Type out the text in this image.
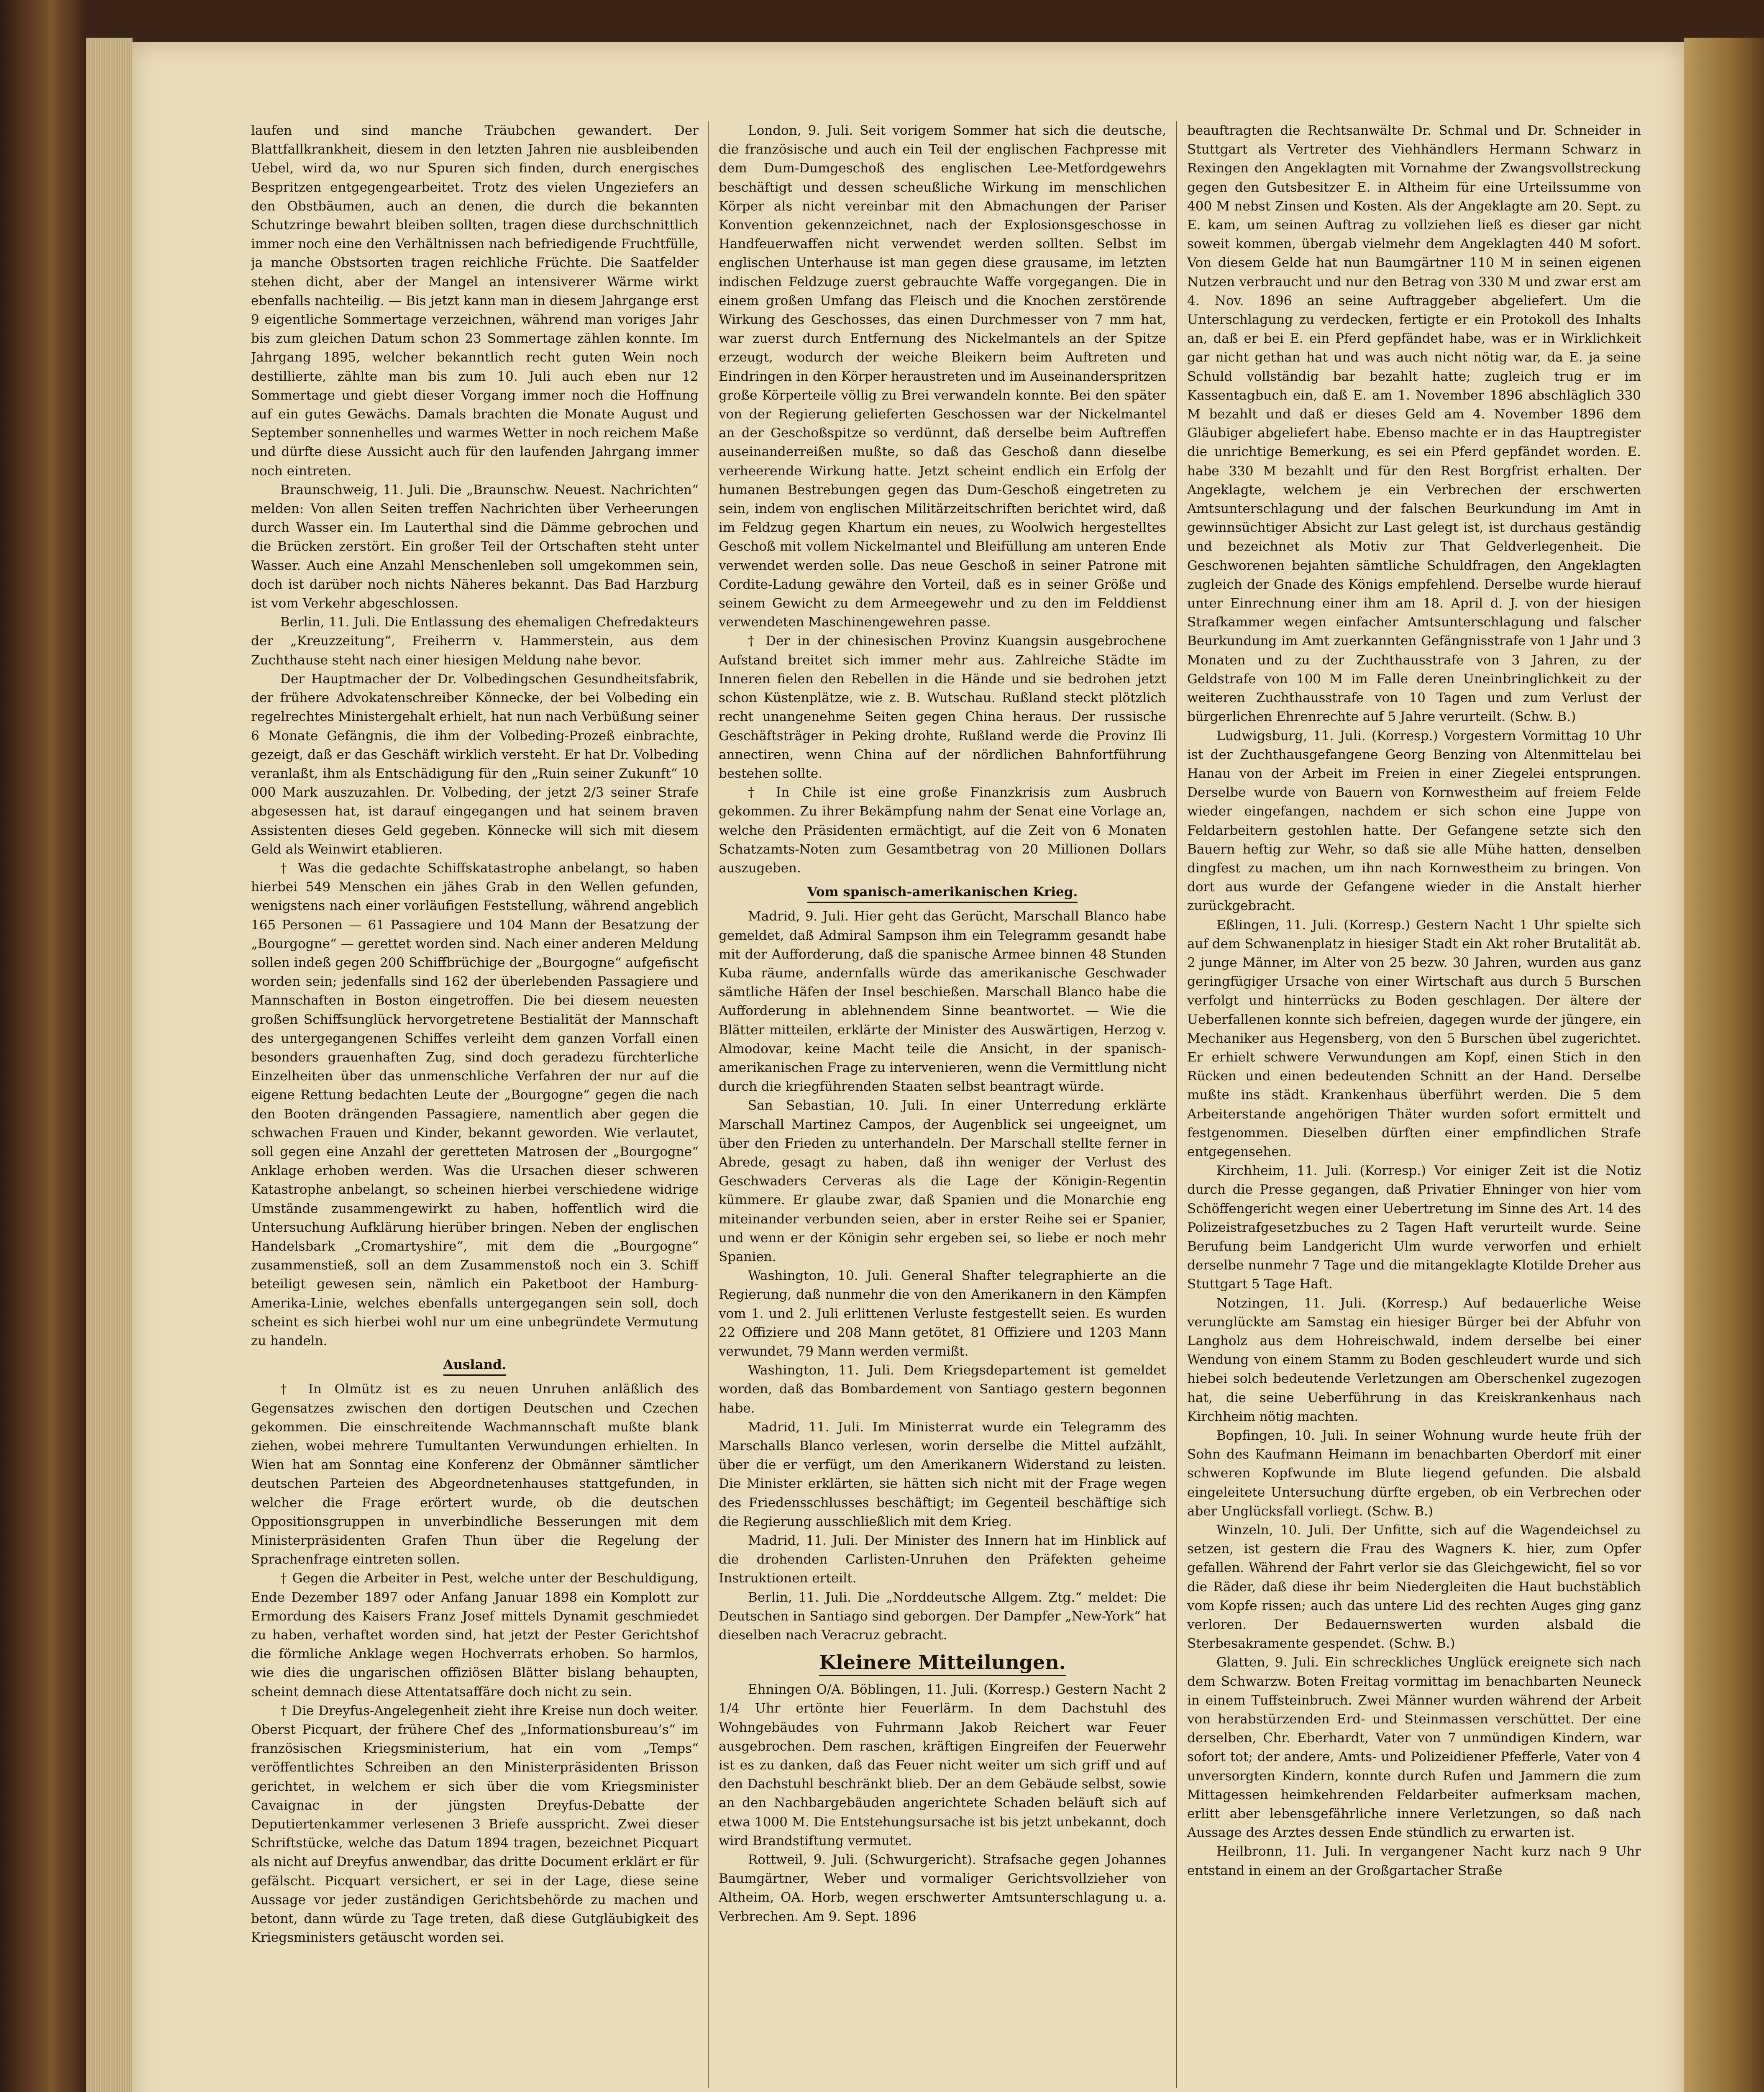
laufen und sind manche Träubchen gewandert. Der Blattfallkrankheit, diesem in den letzten Jahren nie ausbleibenden Uebel, wird da, wo nur Spuren sich finden, durch energisches Bespritzen entgegengearbeitet. Trotz des vielen Ungeziefers an den Obstbäumen, auch an denen, die durch die bekannten Schutzringe bewahrt bleiben sollten, tragen diese durchschnittlich immer noch eine den Verhältnissen nach befriedigende Fruchtfülle, ja manche Obstsorten tragen reichliche Früchte. Die Saatfelder stehen dicht, aber der Mangel an intensiverer Wärme wirkt ebenfalls nachteilig. — Bis jetzt kann man in diesem Jahrgange erst 9 eigentliche Sommertage verzeichnen, während man voriges Jahr bis zum gleichen Datum schon 23 Sommertage zählen konnte. Im Jahrgang 1895, welcher bekanntlich recht guten Wein noch destillierte, zählte man bis zum 10. Juli auch eben nur 12 Sommertage und giebt dieser Vorgang immer noch die Hoffnung auf ein gutes Gewächs. Damals brachten die Monate August und September sonnenhelles und warmes Wetter in noch reichem Maße und dürfte diese Aussicht auch für den laufenden Jahrgang immer noch eintreten.

Braunschweig, 11. Juli. Die „Braunschw. Neuest. Nachrichten“ melden: Von allen Seiten treffen Nachrichten über Verheerungen durch Wasser ein. Im Lauterthal sind die Dämme gebrochen und die Brücken zerstört. Ein großer Teil der Ortschaften steht unter Wasser. Auch eine Anzahl Menschenleben soll umgekommen sein, doch ist darüber noch nichts Näheres bekannt. Das Bad Harzburg ist vom Verkehr abgeschlossen.

Berlin, 11. Juli. Die Entlassung des ehemaligen Chefredakteurs der „Kreuzzeitung“, Freiherrn v. Hammerstein, aus dem Zuchthause steht nach einer hiesigen Meldung nahe bevor.

Der Hauptmacher der Dr. Volbedingschen Gesundheitsfabrik, der frühere Advokatenschreiber Könnecke, der bei Volbeding ein regelrechtes Ministergehalt erhielt, hat nun nach Verbüßung seiner 6 Monate Gefängnis, die ihm der Volbeding-Prozeß einbrachte, gezeigt, daß er das Geschäft wirklich versteht. Er hat Dr. Volbeding veranlaßt, ihm als Entschädigung für den „Ruin seiner Zukunft“ 10 000 Mark auszuzahlen. Dr. Volbeding, der jetzt 2/3 seiner Strafe abgesessen hat, ist darauf eingegangen und hat seinem braven Assistenten dieses Geld gegeben. Könnecke will sich mit diesem Geld als Weinwirt etablieren.

† Was die gedachte Schiffskatastrophe anbelangt, so haben hierbei 549 Menschen ein jähes Grab in den Wellen gefunden, wenigstens nach einer vorläufigen Feststellung, während angeblich 165 Personen — 61 Passagiere und 104 Mann der Besatzung der „Bourgogne“ — gerettet worden sind. Nach einer anderen Meldung sollen indeß gegen 200 Schiffbrüchige der „Bourgogne“ aufgefischt worden sein; jedenfalls sind 162 der überlebenden Passagiere und Mannschaften in Boston eingetroffen. Die bei diesem neuesten großen Schiffsunglück hervorgetretene Bestialität der Mannschaft des untergegangenen Schiffes verleiht dem ganzen Vorfall einen besonders grauenhaften Zug, sind doch geradezu fürchterliche Einzelheiten über das unmenschliche Verfahren der nur auf die eigene Rettung bedachten Leute der „Bourgogne“ gegen die nach den Booten drängenden Passagiere, namentlich aber gegen die schwachen Frauen und Kinder, bekannt geworden. Wie verlautet, soll gegen eine Anzahl der geretteten Matrosen der „Bourgogne“ Anklage erhoben werden. Was die Ursachen dieser schweren Katastrophe anbelangt, so scheinen hierbei verschiedene widrige Umstände zusammengewirkt zu haben, hoffentlich wird die Untersuchung Aufklärung hierüber bringen. Neben der englischen Handelsbark „Cromartyshire“, mit dem die „Bourgogne“ zusammenstieß, soll an dem Zusammenstoß noch ein 3. Schiff beteiligt gewesen sein, nämlich ein Paketboot der Hamburg-Amerika-Linie, welches ebenfalls untergegangen sein soll, doch scheint es sich hierbei wohl nur um eine unbegründete Vermutung zu handeln.

Ausland.

† In Olmütz ist es zu neuen Unruhen anläßlich des Gegensatzes zwischen den dortigen Deutschen und Czechen gekommen. Die einschreitende Wachmannschaft mußte blank ziehen, wobei mehrere Tumultanten Verwundungen erhielten. In Wien hat am Sonntag eine Konferenz der Obmänner sämtlicher deutschen Parteien des Abgeordnetenhauses stattgefunden, in welcher die Frage erörtert wurde, ob die deutschen Oppositionsgruppen in unverbindliche Besserungen mit dem Ministerpräsidenten Grafen Thun über die Regelung der Sprachenfrage eintreten sollen.

† Gegen die Arbeiter in Pest, welche unter der Beschuldigung, Ende Dezember 1897 oder Anfang Januar 1898 ein Komplott zur Ermordung des Kaisers Franz Josef mittels Dynamit geschmiedet zu haben, verhaftet worden sind, hat jetzt der Pester Gerichtshof die förmliche Anklage wegen Hochverrats erhoben. So harmlos, wie dies die ungarischen offiziösen Blätter bislang behaupten, scheint demnach diese Attentatsaffäre doch nicht zu sein.

† Die Dreyfus-Angelegenheit zieht ihre Kreise nun doch weiter. Oberst Picquart, der frühere Chef des „Informationsbureau’s“ im französischen Kriegsministerium, hat ein vom „Temps“ veröffentlichtes Schreiben an den Ministerpräsidenten Brisson gerichtet, in welchem er sich über die vom Kriegsminister Cavaignac in der jüngsten Dreyfus-Debatte der Deputiertenkammer verlesenen 3 Briefe ausspricht. Zwei dieser Schriftstücke, welche das Datum 1894 tragen, bezeichnet Picquart als nicht auf Dreyfus anwendbar, das dritte Document erklärt er für gefälscht. Picquart versichert, er sei in der Lage, diese seine Aussage vor jeder zuständigen Gerichtsbehörde zu machen und betont, dann würde zu Tage treten, daß diese Gutgläubigkeit des Kriegsministers getäuscht worden sei.

London, 9. Juli. Seit vorigem Sommer hat sich die deutsche, die französische und auch ein Teil der englischen Fachpresse mit dem Dum-Dumgeschoß des englischen Lee-Metfordgewehrs beschäftigt und dessen scheußliche Wirkung im menschlichen Körper als nicht vereinbar mit den Abmachungen der Pariser Konvention gekennzeichnet, nach der Explosionsgeschosse in Handfeuerwaffen nicht verwendet werden sollten. Selbst im englischen Unterhause ist man gegen diese grausame, im letzten indischen Feldzuge zuerst gebrauchte Waffe vorgegangen. Die in einem großen Umfang das Fleisch und die Knochen zerstörende Wirkung des Geschosses, das einen Durchmesser von 7 mm hat, war zuerst durch Entfernung des Nickelmantels an der Spitze erzeugt, wodurch der weiche Bleikern beim Auftreten und Eindringen in den Körper heraustreten und im Auseinanderspritzen große Körperteile völlig zu Brei verwandeln konnte. Bei den später von der Regierung gelieferten Geschossen war der Nickelmantel an der Geschoßspitze so verdünnt, daß derselbe beim Auftreffen auseinanderreißen mußte, so daß das Geschoß dann dieselbe verheerende Wirkung hatte. Jetzt scheint endlich ein Erfolg der humanen Bestrebungen gegen das Dum-Geschoß eingetreten zu sein, indem von englischen Militärzeitschriften berichtet wird, daß im Feldzug gegen Khartum ein neues, zu Woolwich hergestelltes Geschoß mit vollem Nickelmantel und Bleifüllung am unteren Ende verwendet werden solle. Das neue Geschoß in seiner Patrone mit Cordite-Ladung gewähre den Vorteil, daß es in seiner Größe und seinem Gewicht zu dem Armeegewehr und zu den im Felddienst verwendeten Maschinengewehren passe.

† Der in der chinesischen Provinz Kuangsin ausgebrochene Aufstand breitet sich immer mehr aus. Zahlreiche Städte im Inneren fielen den Rebellen in die Hände und sie bedrohen jetzt schon Küstenplätze, wie z. B. Wutschau. Rußland steckt plötzlich recht unangenehme Seiten gegen China heraus. Der russische Geschäftsträger in Peking drohte, Rußland werde die Provinz Ili annectiren, wenn China auf der nördlichen Bahnfortführung bestehen sollte.

† In Chile ist eine große Finanzkrisis zum Ausbruch gekommen. Zu ihrer Bekämpfung nahm der Senat eine Vorlage an, welche den Präsidenten ermächtigt, auf die Zeit von 6 Monaten Schatzamts-Noten zum Gesamtbetrag von 20 Millionen Dollars auszugeben.

Vom spanisch-amerikanischen Krieg.

Madrid, 9. Juli. Hier geht das Gerücht, Marschall Blanco habe gemeldet, daß Admiral Sampson ihm ein Telegramm gesandt habe mit der Aufforderung, daß die spanische Armee binnen 48 Stunden Kuba räume, andernfalls würde das amerikanische Geschwader sämtliche Häfen der Insel beschießen. Marschall Blanco habe die Aufforderung in ablehnendem Sinne beantwortet. — Wie die Blätter mitteilen, erklärte der Minister des Auswärtigen, Herzog v. Almodovar, keine Macht teile die Ansicht, in der spanisch-amerikanischen Frage zu intervenieren, wenn die Vermittlung nicht durch die kriegführenden Staaten selbst beantragt würde.

San Sebastian, 10. Juli. In einer Unterredung erklärte Marschall Martinez Campos, der Augenblick sei ungeeignet, um über den Frieden zu unterhandeln. Der Marschall stellte ferner in Abrede, gesagt zu haben, daß ihn weniger der Verlust des Geschwaders Cerveras als die Lage der Königin-Regentin kümmere. Er glaube zwar, daß Spanien und die Monarchie eng miteinander verbunden seien, aber in erster Reihe sei er Spanier, und wenn er der Königin sehr ergeben sei, so liebe er noch mehr Spanien.

Washington, 10. Juli. General Shafter telegraphierte an die Regierung, daß nunmehr die von den Amerikanern in den Kämpfen vom 1. und 2. Juli erlittenen Verluste festgestellt seien. Es wurden 22 Offiziere und 208 Mann getötet, 81 Offiziere und 1203 Mann verwundet, 79 Mann werden vermißt.

Washington, 11. Juli. Dem Kriegsdepartement ist gemeldet worden, daß das Bombardement von Santiago gestern begonnen habe.

Madrid, 11. Juli. Im Ministerrat wurde ein Telegramm des Marschalls Blanco verlesen, worin derselbe die Mittel aufzählt, über die er verfügt, um den Amerikanern Widerstand zu leisten. Die Minister erklärten, sie hätten sich nicht mit der Frage wegen des Friedensschlusses beschäftigt; im Gegenteil beschäftige sich die Regierung ausschließlich mit dem Krieg.

Madrid, 11. Juli. Der Minister des Innern hat im Hinblick auf die drohenden Carlisten-Unruhen den Präfekten geheime Instruktionen erteilt.

Berlin, 11. Juli. Die „Norddeutsche Allgem. Ztg.“ meldet: Die Deutschen in Santiago sind geborgen. Der Dampfer „New-York“ hat dieselben nach Veracruz gebracht.

Kleinere Mitteilungen.

Ehningen O/A. Böblingen, 11. Juli. (Korresp.) Gestern Nacht 2 1/4 Uhr ertönte hier Feuerlärm. In dem Dachstuhl des Wohngebäudes von Fuhrmann Jakob Reichert war Feuer ausgebrochen. Dem raschen, kräftigen Eingreifen der Feuerwehr ist es zu danken, daß das Feuer nicht weiter um sich griff und auf den Dachstuhl beschränkt blieb. Der an dem Gebäude selbst, sowie an den Nachbargebäuden angerichtete Schaden beläuft sich auf etwa 1000 M. Die Entstehungsursache ist bis jetzt unbekannt, doch wird Brandstiftung vermutet.

Rottweil, 9. Juli. (Schwurgericht). Strafsache gegen Johannes Baumgärtner, Weber und vormaliger Gerichtsvollzieher von Altheim, OA. Horb, wegen erschwerter Amtsunterschlagung u. a. Verbrechen. Am 9. Sept. 1896

beauftragten die Rechtsanwälte Dr. Schmal und Dr. Schneider in Stuttgart als Vertreter des Viehhändlers Hermann Schwarz in Rexingen den Angeklagten mit Vornahme der Zwangsvollstreckung gegen den Gutsbesitzer E. in Altheim für eine Urteilssumme von 400 M nebst Zinsen und Kosten. Als der Angeklagte am 20. Sept. zu E. kam, um seinen Auftrag zu vollziehen ließ es dieser gar nicht soweit kommen, übergab vielmehr dem Angeklagten 440 M sofort. Von diesem Gelde hat nun Baumgärtner 110 M in seinen eigenen Nutzen verbraucht und nur den Betrag von 330 M und zwar erst am 4. Nov. 1896 an seine Auftraggeber abgeliefert. Um die Unterschlagung zu verdecken, fertigte er ein Protokoll des Inhalts an, daß er bei E. ein Pferd gepfändet habe, was er in Wirklichkeit gar nicht gethan hat und was auch nicht nötig war, da E. ja seine Schuld vollständig bar bezahlt hatte; zugleich trug er im Kassentagbuch ein, daß E. am 1. November 1896 abschläglich 330 M bezahlt und daß er dieses Geld am 4. November 1896 dem Gläubiger abgeliefert habe. Ebenso machte er in das Hauptregister die unrichtige Bemerkung, es sei ein Pferd gepfändet worden. E. habe 330 M bezahlt und für den Rest Borgfrist erhalten. Der Angeklagte, welchem je ein Verbrechen der erschwerten Amtsunterschlagung und der falschen Beurkundung im Amt in gewinnsüchtiger Absicht zur Last gelegt ist, ist durchaus geständig und bezeichnet als Motiv zur That Geldverlegenheit. Die Geschworenen bejahten sämtliche Schuldfragen, den Angeklagten zugleich der Gnade des Königs empfehlend. Derselbe wurde hierauf unter Einrechnung einer ihm am 18. April d. J. von der hiesigen Strafkammer wegen einfacher Amtsunterschlagung und falscher Beurkundung im Amt zuerkannten Gefängnisstrafe von 1 Jahr und 3 Monaten und zu der Zuchthausstrafe von 3 Jahren, zu der Geldstrafe von 100 M im Falle deren Uneinbringlichkeit zu der weiteren Zuchthausstrafe von 10 Tagen und zum Verlust der bürgerlichen Ehrenrechte auf 5 Jahre verurteilt. (Schw. B.)

Ludwigsburg, 11. Juli. (Korresp.) Vorgestern Vormittag 10 Uhr ist der Zuchthausgefangene Georg Benzing von Altenmittelau bei Hanau von der Arbeit im Freien in einer Ziegelei entsprungen. Derselbe wurde von Bauern von Kornwestheim auf freiem Felde wieder eingefangen, nachdem er sich schon eine Juppe von Feldarbeitern gestohlen hatte. Der Gefangene setzte sich den Bauern heftig zur Wehr, so daß sie alle Mühe hatten, denselben dingfest zu machen, um ihn nach Kornwestheim zu bringen. Von dort aus wurde der Gefangene wieder in die Anstalt hierher zurückgebracht.

Eßlingen, 11. Juli. (Korresp.) Gestern Nacht 1 Uhr spielte sich auf dem Schwanenplatz in hiesiger Stadt ein Akt roher Brutalität ab. 2 junge Männer, im Alter von 25 bezw. 30 Jahren, wurden aus ganz geringfügiger Ursache von einer Wirtschaft aus durch 5 Burschen verfolgt und hinterrücks zu Boden geschlagen. Der ältere der Ueberfallenen konnte sich befreien, dagegen wurde der jüngere, ein Mechaniker aus Hegensberg, von den 5 Burschen übel zugerichtet. Er erhielt schwere Verwundungen am Kopf, einen Stich in den Rücken und einen bedeutenden Schnitt an der Hand. Derselbe mußte ins städt. Krankenhaus überführt werden. Die 5 dem Arbeiterstande angehörigen Thäter wurden sofort ermittelt und festgenommen. Dieselben dürften einer empfindlichen Strafe entgegensehen.

Kirchheim, 11. Juli. (Korresp.) Vor einiger Zeit ist die Notiz durch die Presse gegangen, daß Privatier Ehninger von hier vom Schöffengericht wegen einer Uebertretung im Sinne des Art. 14 des Polizeistrafgesetzbuches zu 2 Tagen Haft verurteilt wurde. Seine Berufung beim Landgericht Ulm wurde verworfen und erhielt derselbe nunmehr 7 Tage und die mitangeklagte Klotilde Dreher aus Stuttgart 5 Tage Haft.

Notzingen, 11. Juli. (Korresp.) Auf bedauerliche Weise verunglückte am Samstag ein hiesiger Bürger bei der Abfuhr von Langholz aus dem Hohreischwald, indem derselbe bei einer Wendung von einem Stamm zu Boden geschleudert wurde und sich hiebei solch bedeutende Verletzungen am Oberschenkel zugezogen hat, die seine Ueberführung in das Kreiskrankenhaus nach Kirchheim nötig machten.

Bopfingen, 10. Juli. In seiner Wohnung wurde heute früh der Sohn des Kaufmann Heimann im benachbarten Oberdorf mit einer schweren Kopfwunde im Blute liegend gefunden. Die alsbald eingeleitete Untersuchung dürfte ergeben, ob ein Verbrechen oder aber Unglücksfall vorliegt. (Schw. B.)

Winzeln, 10. Juli. Der Unfitte, sich auf die Wagendeichsel zu setzen, ist gestern die Frau des Wagners K. hier, zum Opfer gefallen. Während der Fahrt verlor sie das Gleichgewicht, fiel so vor die Räder, daß diese ihr beim Niedergleiten die Haut buchstäblich vom Kopfe rissen; auch das untere Lid des rechten Auges ging ganz verloren. Der Bedauernswerten wurden alsbald die Sterbesakramente gespendet. (Schw. B.)

Glatten, 9. Juli. Ein schreckliches Unglück ereignete sich nach dem Schwarzw. Boten Freitag vormittag im benachbarten Neuneck in einem Tuffsteinbruch. Zwei Männer wurden während der Arbeit von herabstürzenden Erd- und Steinmassen verschüttet. Der eine derselben, Chr. Eberhardt, Vater von 7 unmündigen Kindern, war sofort tot; der andere, Amts- und Polizeidiener Pfefferle, Vater von 4 unversorgten Kindern, konnte durch Rufen und Jammern die zum Mittagessen heimkehrenden Feldarbeiter aufmerksam machen, erlitt aber lebensgefährliche innere Verletzungen, so daß nach Aussage des Arztes dessen Ende stündlich zu erwarten ist.

Heilbronn, 11. Juli. In vergangener Nacht kurz nach 9 Uhr entstand in einem an der Großgartacher Straße
